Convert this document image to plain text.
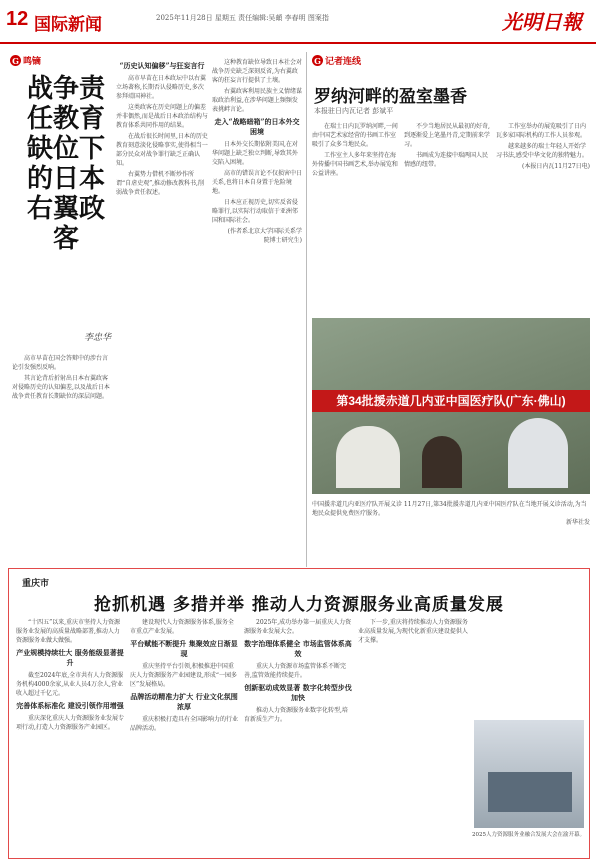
12 国际新闻	2025年11月28日 星期五 责任编辑:吴頔 李春明 图案指	光明日報
G 鸣镝	G 记者连线
战争责任教育缺位下的日本右翼政客
李忠华

高市早苗在国会答辩中的涉台言论引发强烈反响。

其言论背后折射出日本右翼政客对侵略历史的认知偏差,以及战后日本战争责任教育长期缺位的深层问题。

“历史认知偏移”与狂妄言行

高市早苗在日本政坛中以右翼立场著称,长期否认侵略历史,多次参拜靖国神社。

这类政客在历史问题上的偏差并非偶然,而是战后日本政治结构与教育体系共同作用的结果。

在战后很长时间里,日本的历史教育刻意淡化侵略事实,使得相当一部分民众对战争罪行缺乏正确认知。

右翼势力借机不断炒作所谓“自虐史观”,推动修改教科书,削弱战争责任叙述。

这种教育缺位导致日本社会对战争历史缺乏深刻反省,为右翼政客的狂妄言行提供了土壤。

右翼政客利用民族主义情绪谋取政治利益,在涉华问题上频频发表挑衅言论。

走入“战略暗箱”的日本外交困境

日本外交长期依附美国,在对华问题上缺乏独立判断,导致其外交陷入困境。

高市的错误言论不仅损害中日关系,也将日本自身置于危险境地。

日本应正视历史,切实反省侵略罪行,以实际行动取信于亚洲邻国和国际社会。

(作者系北京大学国际关系学院博士研究生)

罗纳河畔的盈室墨香
本报驻日内瓦记者 彭斌平

在瑞士日内瓦罗纳河畔,一间由中国艺术家经营的书画工作室吸引了众多当地民众。

工作室主人多年来坚持在海外传播中国书画艺术,举办展览和公益讲座。

不少当地居民从最初的好奇,到逐渐爱上笔墨丹青,定期前来学习。

书画成为连接中瑞两国人民情感的纽带。

工作室举办的展览吸引了日内瓦多家国际机构的工作人员参观。

越来越多的瑞士年轻人开始学习书法,感受中华文化的独特魅力。

(本报日内瓦11月27日电)

第34批援赤道几内亚中国医疗队(广东·佛山)
中国援赤道几内亚医疗队开展义诊 11月27日,第34批援赤道几内亚中国医疗队在当地开展义诊活动,为当地民众提供免费医疗服务。
新华社发
重庆市
抢抓机遇 多措并举 推动人力资源服务业高质量发展

“十四五”以来,重庆市坚持人力资源服务业发展的高质量战略部署,推动人力资源服务业做大做强。

产业规模持续壮大 服务能级显著提升

截至2024年底,全市共有人力资源服务机构4000余家,从业人员4万余人,营业收入超过千亿元。

完善体系标准化 建设引领作用增强

重庆深化重庆人力资源服务业发展专项行动,打造人力资源服务产业园区。

建设现代人力资源服务体系,服务全市重点产业发展。

平台赋能不断提升 集聚效应日渐显现

重庆坚持平台引领,积极推进中国重庆人力资源服务产业园建设,形成“一园多区”发展格局。

品牌活动精准力扩大 行业文化氛围浓厚

重庆积极打造具有全国影响力的行业品牌活动。

2025年,成功举办第一届重庆人力资源服务业发展大会。

数字治理体系健全 市场监管体系高效

重庆人力资源市场监管体系不断完善,监管效能持续提升。

创新驱动成效显著 数字化转型步伐加快

推动人力资源服务业数字化转型,培育新质生产力。

下一步,重庆将持续推动人力资源服务业高质量发展,为现代化新重庆建设提供人才支撑。

2025人力资源服务业融合发展大会在渝开幕。
